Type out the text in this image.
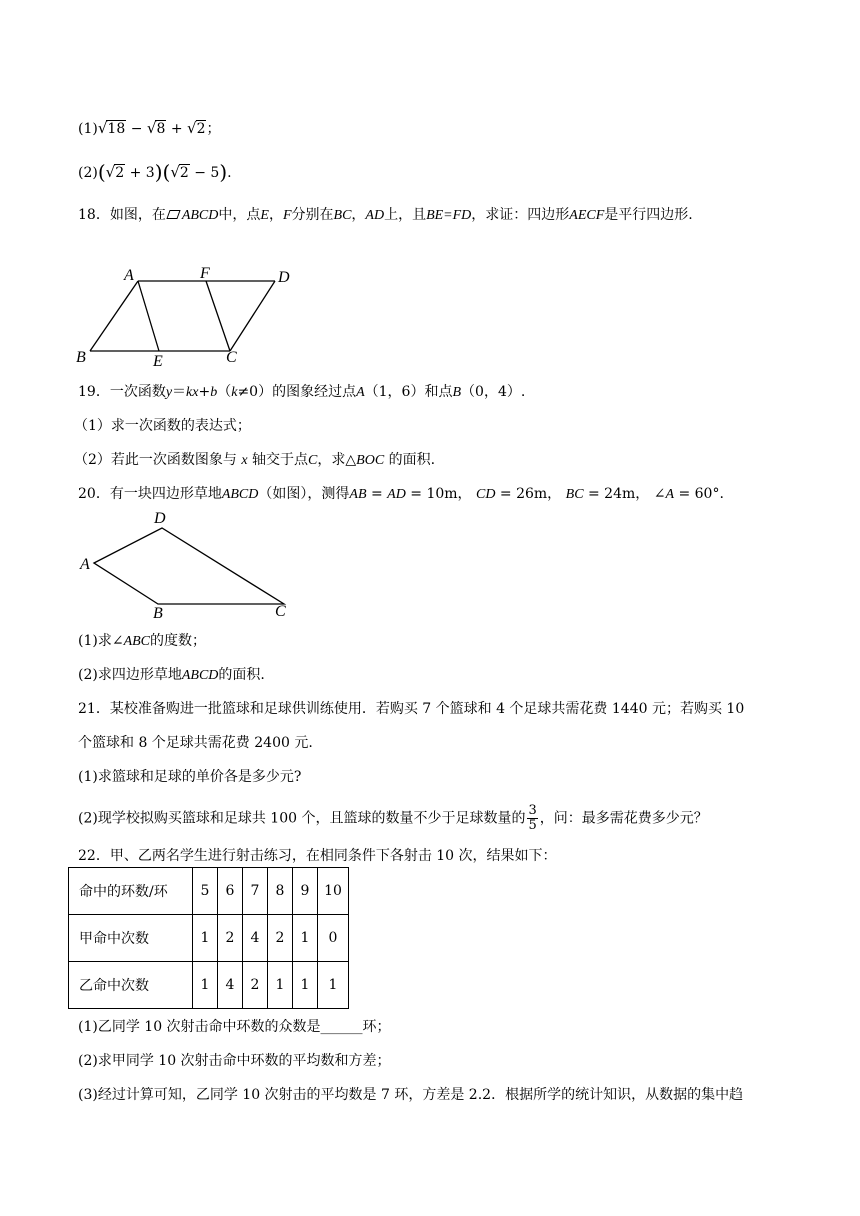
(1)√18 − √8 + √2；
(2)(√2 + 3)(√2 − 5).
18．如图，在 ABCD中，点E，F分别在BC，AD上，且BE=FD，求证：四边形AECF是平行四边形.
A	F	D
B	E	C
19．一次函数y＝kx+b（k≠0）的图象经过点A（1，6）和点B（0，4）.
（1）求一次函数的表达式；
（2）若此一次函数图象与 x 轴交于点C，求△BOC 的面积.
20．有一块四边形草地ABCD（如图），测得AB = AD = 10m， CD = 26m， BC = 24m， ∠A = 60°.
A
D
B	C
(1)求∠ABC的度数；
(2)求四边形草地ABCD的面积.
21．某校准备购进一批篮球和足球供训练使用．若购买 7 个篮球和 4 个足球共需花费 1440 元；若购买 10
个篮球和 8 个足球共需花费 2400 元.
(1)求篮球和足球的单价各是多少元?
(2)现学校拟购买篮球和足球共 100 个，且篮球的数量不少于足球数量的 $\frac{3}{5}$ ，问：最多需花费多少元？
22．甲、乙两名学生进行射击练习，在相同条件下各射击 10 次，结果如下：
命中的环数/环	5	6	7	8	9	10
甲命中次数	1	2	4	2	1	0
乙命中次数	1	4	2	1	1	1
(1)乙同学 10 次射击命中环数的众数是______环；
(2)求甲同学 10 次射击命中环数的平均数和方差；
(3)经过计算可知，乙同学 10 次射击的平均数是 7 环，方差是 2.2．根据所学的统计知识，从数据的集中趋
